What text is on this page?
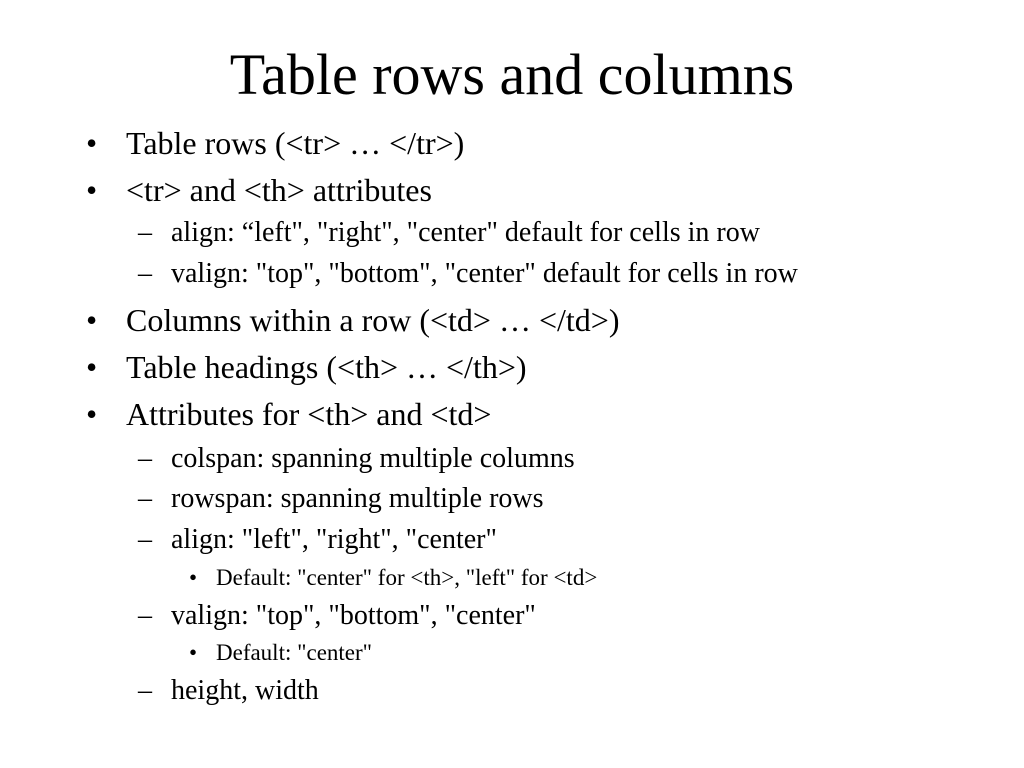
Table rows and columns
• Table rows (<tr> … </tr>)
• <tr> and <th> attributes
– align: “left", "right", "center" default for cells in row
– valign: "top", "bottom", "center" default for cells in row
• Columns within a row (<td> … </td>)
• Table headings (<th> … </th>)
• Attributes for <th> and <td>
– colspan: spanning multiple columns
– rowspan: spanning multiple rows
– align: "left", "right", "center"
• Default: "center" for <th>, "left" for <td>
– valign: "top", "bottom", "center"
• Default: "center"
– height, width
